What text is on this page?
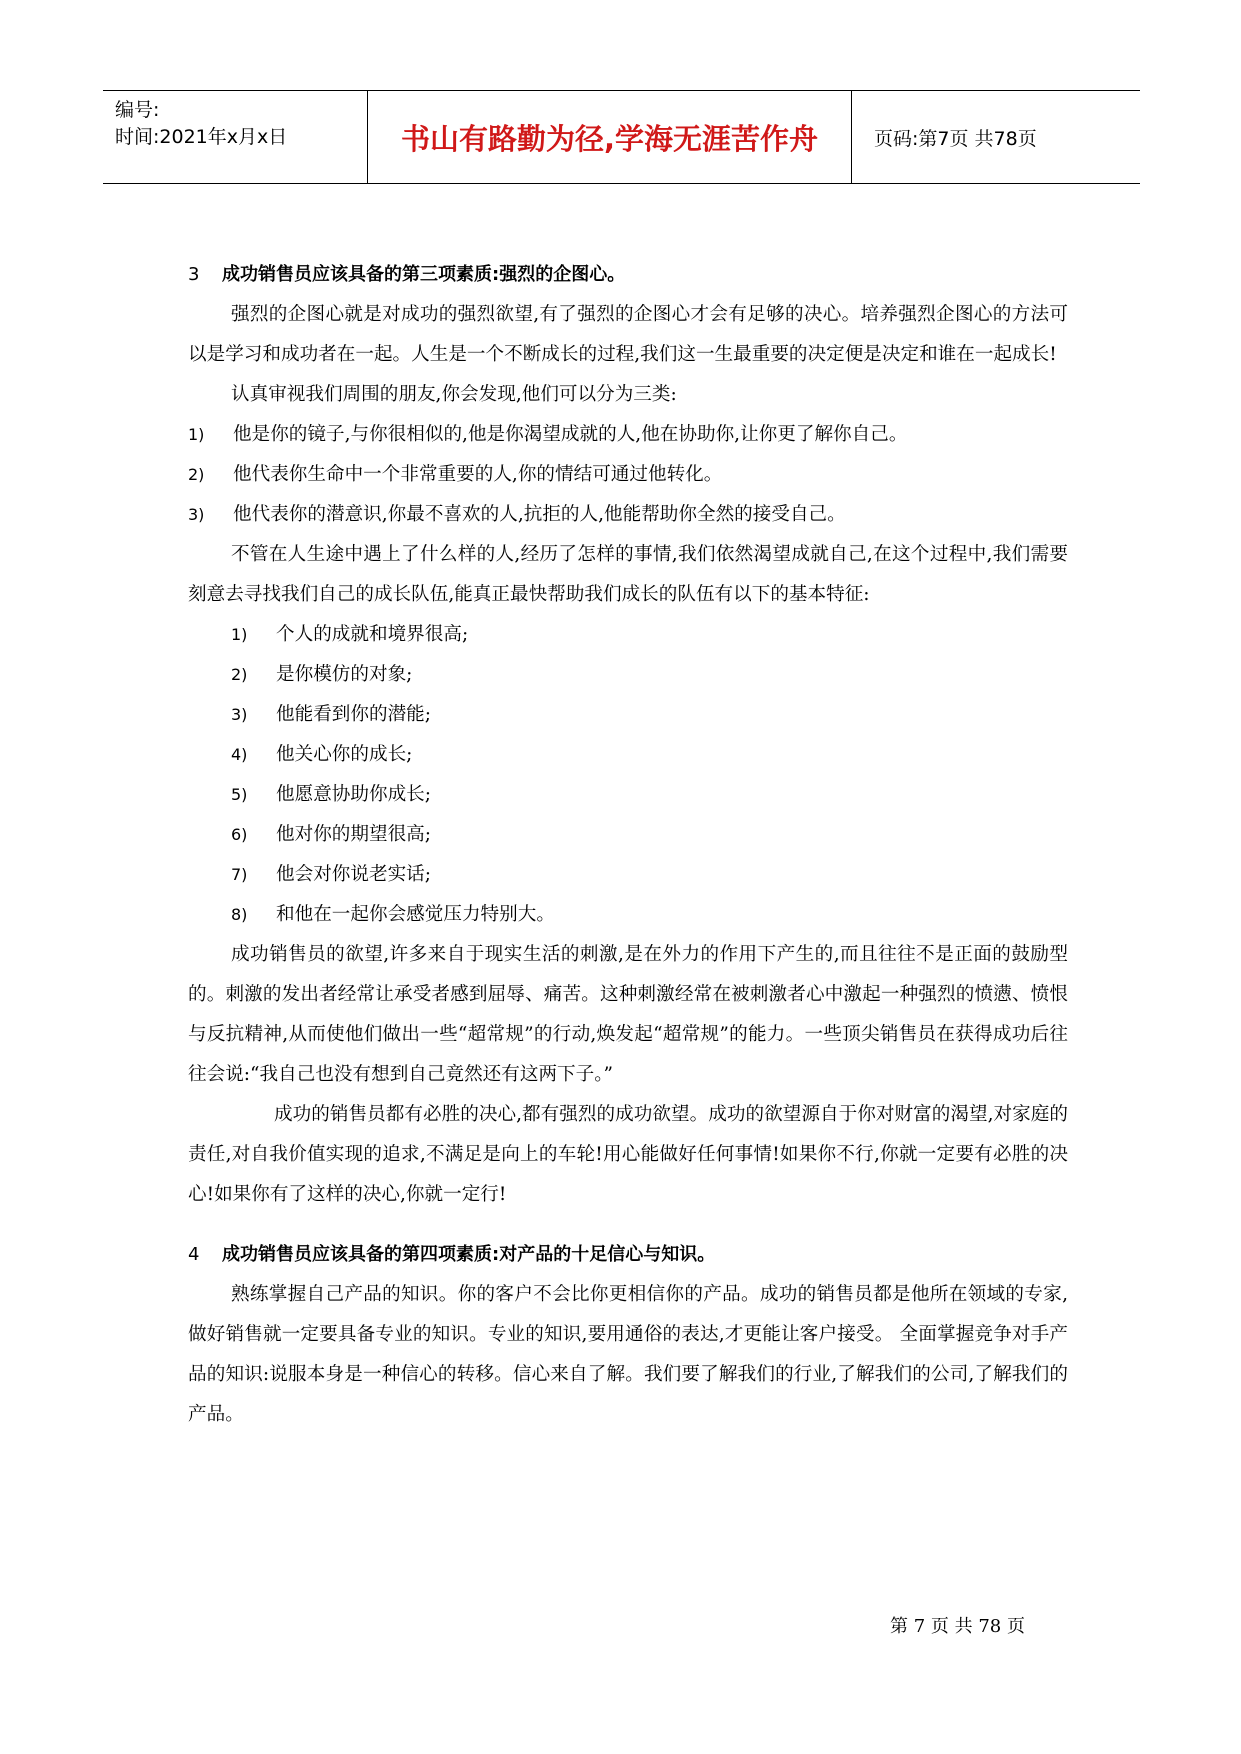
编号:
时间:2021年x月x日	书山有路勤为径,学海无涯苦作舟	页码:第7页 共78页
3 成功销售员应该具备的第三项素质:强烈的企图心。

强烈的企图心就是对成功的强烈欲望,有了强烈的企图心才会有足够的决心。培养强烈企图心的方法可以是学习和成功者在一起。人生是一个不断成长的过程,我们这一生最重要的决定便是决定和谁在一起成长!

认真审视我们周围的朋友,你会发现,他们可以分为三类:

1)	他是你的镜子,与你很相似的,他是你渴望成就的人,他在协助你,让你更了解你自己。
2)	他代表你生命中一个非常重要的人,你的情结可通过他转化。
3)	他代表你的潜意识,你最不喜欢的人,抗拒的人,他能帮助你全然的接受自己。

不管在人生途中遇上了什么样的人,经历了怎样的事情,我们依然渴望成就自己,在这个过程中,我们需要刻意去寻找我们自己的成长队伍,能真正最快帮助我们成长的队伍有以下的基本特征:

1)	个人的成就和境界很高;
2)	是你模仿的对象;
3)	他能看到你的潜能;
4)	他关心你的成长;
5)	他愿意协助你成长;
6)	他对你的期望很高;
7)	他会对你说老实话;
8)	和他在一起你会感觉压力特别大。

成功销售员的欲望,许多来自于现实生活的刺激,是在外力的作用下产生的,而且往往不是正面的鼓励型的。刺激的发出者经常让承受者感到屈辱、痛苦。这种刺激经常在被刺激者心中激起一种强烈的愤懑、愤恨与反抗精神,从而使他们做出一些“超常规”的行动,焕发起“超常规”的能力。一些顶尖销售员在获得成功后往往会说:“我自己也没有想到自己竟然还有这两下子。”

成功的销售员都有必胜的决心,都有强烈的成功欲望。成功的欲望源自于你对财富的渴望,对家庭的责任,对自我价值实现的追求,不满足是向上的车轮!用心能做好任何事情!如果你不行,你就一定要有必胜的决心!如果你有了这样的决心,你就一定行!

4 成功销售员应该具备的第四项素质:对产品的十足信心与知识。

熟练掌握自己产品的知识。你的客户不会比你更相信你的产品。成功的销售员都是他所在领域的专家,做好销售就一定要具备专业的知识。专业的知识,要用通俗的表达,才更能让客户接受。 全面掌握竞争对手产品的知识:说服本身是一种信心的转移。信心来自了解。我们要了解我们的行业,了解我们的公司,了解我们的产品。

第 7 页 共 78 页
